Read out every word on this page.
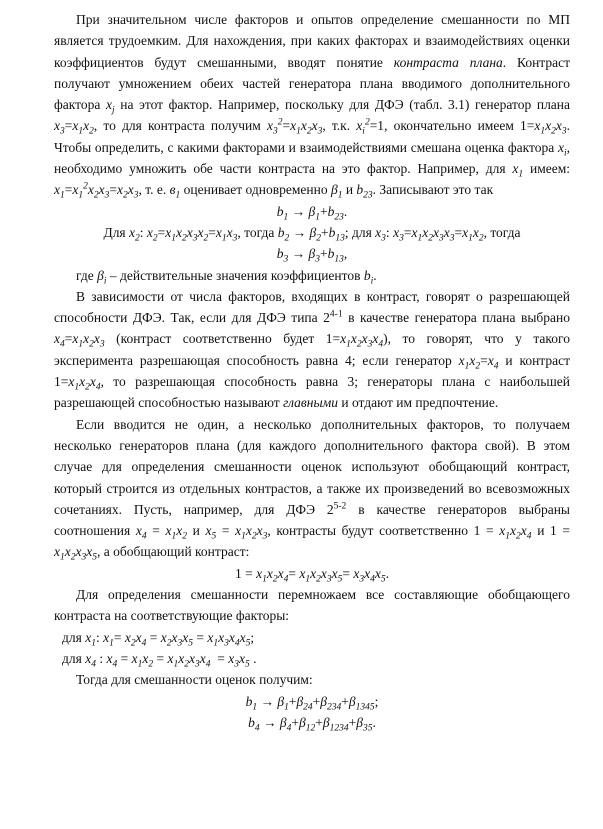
При значительном числе факторов и опытов определение смешанности по МП является трудоемким. Для нахождения, при каких факторах и взаимодействиях оценки коэффициентов будут смешанными, вводят понятие контраста плана. Контраст получают умножением обеих частей генератора плана вводимого дополнительного фактора $x_j$ на этот фактор. Например, поскольку для ДФЭ (табл. 3.1) генератор плана $x_3=x_1x_2$, то для контраста получим $x_3^2=x_1x_2x_3$, т.к. $x_i^2=1$, окончательно имеем $1=x_1x_2x_3$. Чтобы определить, с какими факторами и взаимодействиями смешана оценка фактора $x_i$, необходимо умножить обе части контраста на это фактор. Например, для $x_1$ имеем: $x_1=x_1^2x_2x_3=x_2x_3$, т. е. $в_1$ оценивает одновременно $\beta_1$ и $b_{23}$. Записывают это так

$b_1 \to \beta_1+b_{23}$.

Для $x_2$: $x_2=x_1x_2x_3x_2=x_1x_3$, тогда $b_2 \to \beta_2+b_{13}$; для $x_3$: $x_3=x_1x_2x_3x_3=x_1x_2$, тогда

$b_3 \to \beta_3+b_{13}$,

где $\beta_i$ – действительные значения коэффициентов $b_i$.

В зависимости от числа факторов, входящих в контраст, говорят о разрешающей способности ДФЭ. Так, если для ДФЭ типа 2$^{4-1}$ в качестве генератора плана выбрано $x_4=x_1x_2x_3$ (контраст соответственно будет $1=x_1x_2x_3x_4$), то говорят, что у такого эксперимента разрешающая способность равна 4; если генератор $x_1x_2=x_4$ и контраст $1=x_1x_2x_4$, то разрешающая способность равна 3; генераторы плана с наибольшей разрешающей способностью называют главными и отдают им предпочтение.

Если вводится не один, а несколько дополнительных факторов, то получаем несколько генераторов плана (для каждого дополнительного фактора свой). В этом случае для определения смешанности оценок используют обобщающий контраст, который строится из отдельных контрастов, а также их произведений во всевозможных сочетаниях. Пусть, например, для ДФЭ 2$^{5-2}$ в качестве генераторов выбраны соотношения $x_4 = x_1x_2$ и $x_5 = x_1x_2x_3$, контрасты будут соответственно $1 = x_1x_2x_4$ и $1 = x_1x_2x_3x_5$, а обобщающий контраст:

$1 = x_1x_2x_4= x_1x_2x_3x_5= x_3x_4x_5$.

Для определения смешанности перемножаем все составляющие обобщающего контраста на соответствующие факторы:

для $x_1$: $x_1= x_2x_4 = x_2x_3x_5 = x_1x_3x_4x_5$;

для $x_4$ : $x_4 = x_1x_2 = x_1x_2x_3x_4 = x_3x_5$ .

Тогда для смешанности оценок получим:

$b_1 \to \beta_1+\beta_{24}+\beta_{234}+\beta_{1345}$;

$b_4 \to \beta_4+\beta_{12}+\beta_{1234}+\beta_{35}$.
